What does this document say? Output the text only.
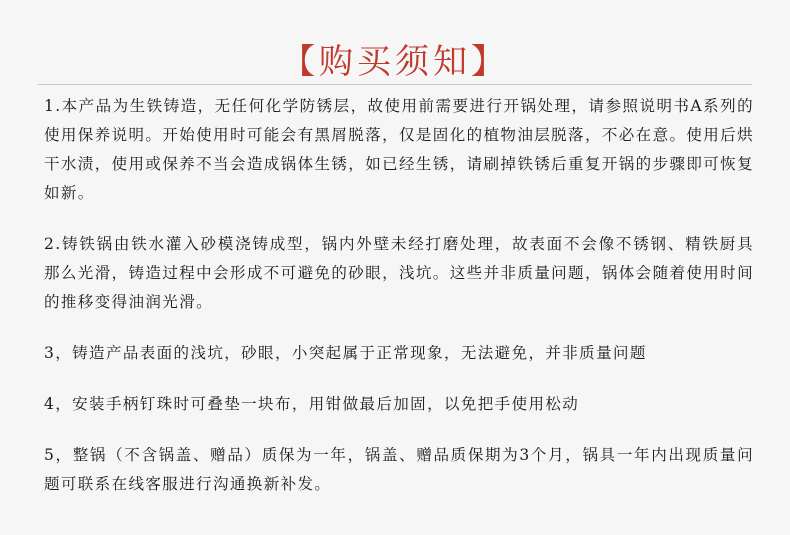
【购买须知】

1.本产品为生铁铸造，无任何化学防锈层，故使用前需要进行开锅处理，请参照说明书A系列的使用保养说明。开始使用时可能会有黑屑脱落，仅是固化的植物油层脱落，不必在意。使用后烘干水渍，使用或保养不当会造成锅体生锈，如已经生锈，请刷掉铁锈后重复开锅的步骤即可恢复如新。

2.铸铁锅由铁水灌入砂模浇铸成型，锅内外壁未经打磨处理，故表面不会像不锈钢、精铁厨具那么光滑，铸造过程中会形成不可避免的砂眼，浅坑。这些并非质量问题，锅体会随着使用时间的推移变得油润光滑。

3，铸造产品表面的浅坑，砂眼，小突起属于正常现象，无法避免，并非质量问题

4，安装手柄钉珠时可叠垫一块布，用钳做最后加固，以免把手使用松动

5，整锅（不含锅盖、赠品）质保为一年，锅盖、赠品质保期为3个月，锅具一年内出现质量问题可联系在线客服进行沟通换新补发。
